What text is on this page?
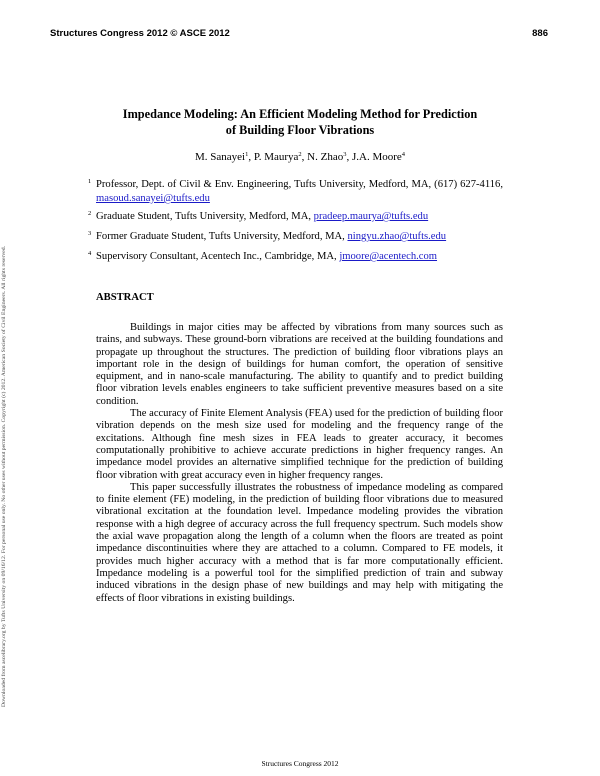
Structures Congress 2012 © ASCE 2012	886
Downloaded from ascelibrary.org by Tufts University on 09/16/12. For personal use only. No other uses without permission. Copyright (c) 2012. American Society of Civil Engineers. All rights reserved.
Impedance Modeling: An Efficient Modeling Method for Prediction
of Building Floor Vibrations
M. Sanayei$^1$, P. Maurya$^2$, N. Zhao$^3$, J.A. Moore$^4$
1 Professor, Dept. of Civil & Env. Engineering, Tufts University, Medford, MA, (617) 627-4116, masoud.sanayei@tufts.edu
2 Graduate Student, Tufts University, Medford, MA, pradeep.maurya@tufts.edu
3 Former Graduate Student, Tufts University, Medford, MA, ningyu.zhao@tufts.edu
4 Supervisory Consultant, Acentech Inc., Cambridge, MA, jmoore@acentech.com
ABSTRACT

Buildings in major cities may be affected by vibrations from many sources such as trains, and subways. These ground-born vibrations are received at the building foundations and propagate up throughout the structures. The prediction of building floor vibrations plays an important role in the design of buildings for human comfort, the operation of sensitive equipment, and in nano-scale manufacturing. The ability to quantify and to predict building floor vibration levels enables engineers to take sufficient preventive measures based on a site condition.

The accuracy of Finite Element Analysis (FEA) used for the prediction of building floor vibration depends on the mesh size used for modeling and the frequency range of the excitations. Although fine mesh sizes in FEA leads to greater accuracy, it becomes computationally prohibitive to achieve accurate predictions in higher frequency ranges. An impedance model provides an alternative simplified technique for the prediction of building floor vibration with great accuracy even in higher frequency ranges.

This paper successfully illustrates the robustness of impedance modeling as compared to finite element (FE) modeling, in the prediction of building floor vibrations due to measured vibrational excitation at the foundation level. Impedance modeling provides the vibration response with a high degree of accuracy across the full frequency spectrum. Such models show the axial wave propagation along the length of a column when the floors are treated as point impedance discontinuities where they are attached to a column. Compared to FE models, it provides much higher accuracy with a method that is far more computationally efficient. Impedance modeling is a powerful tool for the simplified prediction of train and subway induced vibrations in the design phase of new buildings and may help with mitigating the effects of floor vibrations in existing buildings.

Structures Congress 2012
